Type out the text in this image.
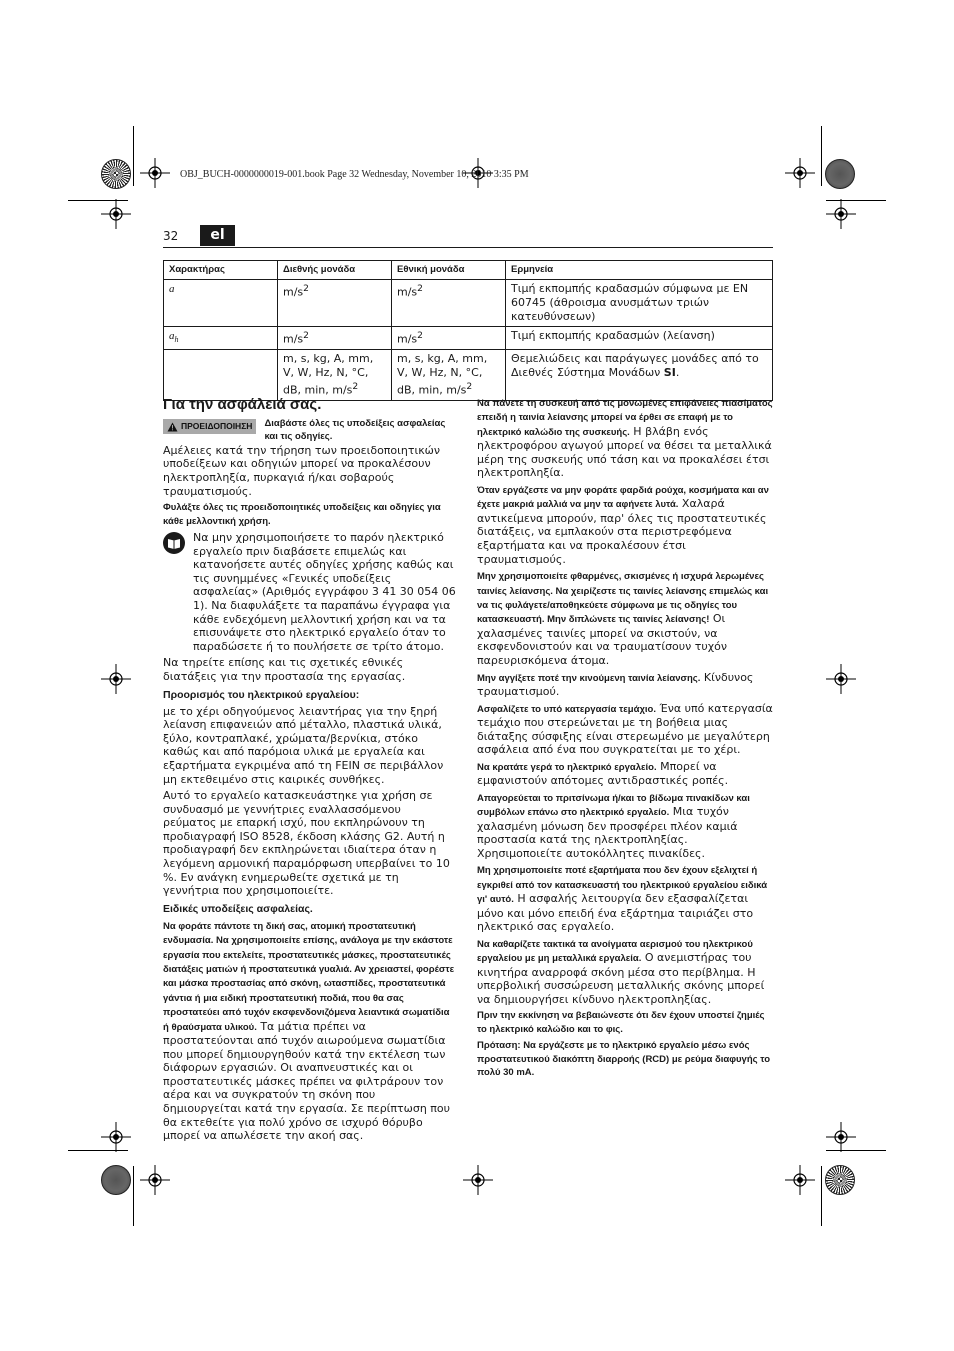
OBJ_BUCH-0000000019-001.book Page 32 Wednesday, November 10, 2010 3:35 PM
32	el
Χαρακτήρας	Διεθνής μονάδα	Εθνική μονάδα	Ερμηνεία
a	$m/s^2$	$m/s^2$	Τιμή εκπομπής κραδασμών σύμφωνα με EN 60745 (άθροισμα ανυσμάτων τριών κατευθύνσεων)
$a_h$	$m/s^2$	$m/s^2$	Τιμή εκπομπής κραδασμών (λείανση)
	m, s, kg, A, mm, V, W, Hz, N, °C, dB, min, $m/s^2$	m, s, kg, A, mm, V, W, Hz, N, °C, dB, min, $m/s^2$	Θεμελιώδεις και παράγωγες μονάδες από το Διεθνές Σύστημα Μονάδων SI.
Για την ασφάλειά σας.
ΠΡΟΕΙΔΟΠΟΙΗΣΗ Διαβάστε όλες τις υποδείξεις ασφαλείας και τις οδηγίες.

Αμέλειες κατά την τήρηση των προειδοποιητικών υποδείξεων και οδηγιών μπορεί να προκαλέσουν ηλεκτροπληξία, πυρκαγιά ή/και σοβαρούς τραυματισμούς.

Φυλάξτε όλες τις προειδοποιητικές υποδείξεις και οδηγίες για κάθε μελλοντική χρήση.

Να μην χρησιμοποιήσετε το παρόν ηλεκτρικό εργαλείο πριν διαβάσετε επιμελώς και κατανοήσετε αυτές οδηγίες χρήσης καθώς και τις συνημμένες «Γενικές υποδείξεις ασφαλείας» (Αριθμός εγγράφου 3 41 30 054 06 1). Να διαφυλάξετε τα παραπάνω έγγραφα για κάθε ενδεχόμενη μελλοντική χρήση και να τα επισυνάψετε στο ηλεκτρικό εργαλείο όταν το παραδώσετε ή το πουλήσετε σε τρίτο άτομο.

Να τηρείτε επίσης και τις σχετικές εθνικές διατάξεις για την προστασία της εργασίας.

Προορισμός του ηλεκτρικού εργαλείου:

με το χέρι οδηγούμενος λειαντήρας για την ξηρή λείανση επιφανειών από μέταλλο, πλαστικά υλικά, ξύλο, κοντραπλακέ, χρώματα/βερνίκια, στόκο καθώς και από παρόμοια υλικά με εργαλεία και εξαρτήματα εγκριμένα από τη FEIN σε περιβάλλον μη εκτεθειμένο στις καιρικές συνθήκες.

Αυτό το εργαλείο κατασκευάστηκε για χρήση σε συνδυασμό με γεννήτριες εναλλασσόμενου ρεύματος με επαρκή ισχύ, που εκπληρώνουν τη προδιαγραφή ISO 8528, έκδοση κλάσης G2. Αυτή η προδιαγραφή δεν εκπληρώνεται ιδιαίτερα όταν η λεγόμενη αρμονική παραμόρφωση υπερβαίνει το 10 %. Εν ανάγκη ενημερωθείτε σχετικά με τη γεννήτρια που χρησιμοποιείτε.

Ειδικές υποδείξεις ασφαλείας.

Να φοράτε πάντοτε τη δική σας, ατομική προστατευτική ενδυμασία. Να χρησιμοποιείτε επίσης, ανάλογα με την εκάστοτε εργασία που εκτελείτε, προστατευτικές μάσκες, προστατευτικές διατάξεις ματιών ή προστατευτικά γυαλιά. Αν χρειαστεί, φορέστε και μάσκα προστασίας από σκόνη, ωτασπίδες, προστατευτικά γάντια ή μια ειδική προστατευτική ποδιά, που θα σας προστατεύει από τυχόν εκσφενδονιζόμενα λειαντικά σωματίδια ή θραύσματα υλικού. Τα μάτια πρέπει να προστατεύονται από τυχόν αιωρούμενα σωματίδια που μπορεί δημιουργηθούν κατά την εκτέλεση των διάφορων εργασιών. Οι αναπνευστικές και οι προστατευτικές μάσκες πρέπει να φιλτράρουν τον αέρα και να συγκρατούν τη σκόνη που δημιουργείται κατά την εργασία. Σε περίπτωση που θα εκτεθείτε για πολύ χρόνο σε ισχυρό θόρυβο μπορεί να απωλέσετε την ακοή σας.

Να πάνετε τη συσκευή από τις μονωμένες επιφάνειες πιασίματος επειδή η ταινία λείανσης μπορεί να έρθει σε επαφή με το ηλεκτρικό καλώδιο της συσκευής. Η βλάβη ενός ηλεκτροφόρου αγωγού μπορεί να θέσει τα μεταλλικά μέρη της συσκευής υπό τάση και να προκαλέσει έτσι ηλεκτροπληξία.

Όταν εργάζεστε να μην φοράτε φαρδιά ρούχα, κοσμήματα και αν έχετε μακριά μαλλιά να μην τα αφήνετε λυτά. Χαλαρά αντικείμενα μπορούν, παρ' όλες τις προστατευτικές διατάξεις, να εμπλακούν στα περιστρεφόμενα εξαρτήματα και να προκαλέσουν έτσι τραυματισμούς.

Μην χρησιμοποιείτε φθαρμένες, σκισμένες ή ισχυρά λερωμένες ταινίες λείανσης. Να χειρίζεστε τις ταινίες λείανσης επιμελώς και να τις φυλάγετε/αποθηκεύετε σύμφωνα με τις οδηγίες του κατασκευαστή. Μην διπλώνετε τις ταινίες λείανσης! Οι χαλασμένες ταινίες μπορεί να σκιστούν, να εκσφενδονιστούν και να τραυματίσουν τυχόν παρευρισκόμενα άτομα.

Μην αγγίξετε ποτέ την κινούμενη ταινία λείανσης. Κίνδυνος τραυματισμού.

Ασφαλίζετε το υπό κατεργασία τεμάχιο. Ένα υπό κατεργασία τεμάχιο που στερεώνεται με τη βοήθεια μιας διάταξης σύσφιξης είναι στερεωμένο με μεγαλύτερη ασφάλεια από ένα που συγκρατείται με το χέρι.

Να κρατάτε γερά το ηλεκτρικό εργαλείο. Μπορεί να εμφανιστούν απότομες αντιδραστικές ροπές.

Απαγορεύεται το πριτσίνωμα ή/και το βίδωμα πινακίδων και συμβόλων επάνω στο ηλεκτρικό εργαλείο. Μια τυχόν χαλασμένη μόνωση δεν προσφέρει πλέον καμιά προστασία κατά της ηλεκτροπληξίας. Χρησιμοποιείτε αυτοκόλλητες πινακίδες.

Μη χρησιμοποιείτε ποτέ εξαρτήματα που δεν έχουν εξελιχτεί ή εγκριθεί από τον κατασκευαστή του ηλεκτρικού εργαλείου ειδικά γι' αυτό. Η ασφαλής λειτουργία δεν εξασφαλίζεται μόνο και μόνο επειδή ένα εξάρτημα ταιριάζει στο ηλεκτρικό σας εργαλείο.

Να καθαρίζετε τακτικά τα ανοίγματα αερισμού του ηλεκτρικού εργαλείου με μη μεταλλικά εργαλεία. Ο ανεμιστήρας του κινητήρα αναρροφά σκόνη μέσα στο περίβλημα. Η υπερβολική συσσώρευση μεταλλικής σκόνης μπορεί να δημιουργήσει κίνδυνο ηλεκτροπληξίας.

Πριν την εκκίνηση να βεβαιώνεστε ότι δεν έχουν υποστεί ζημιές το ηλεκτρικό καλώδιο και το φις.

Πρόταση: Να εργάζεστε με το ηλεκτρικό εργαλείο μέσω ενός προστατευτικού διακόπτη διαρροής (RCD) με ρεύμα διαφυγής το πολύ 30 mA.
